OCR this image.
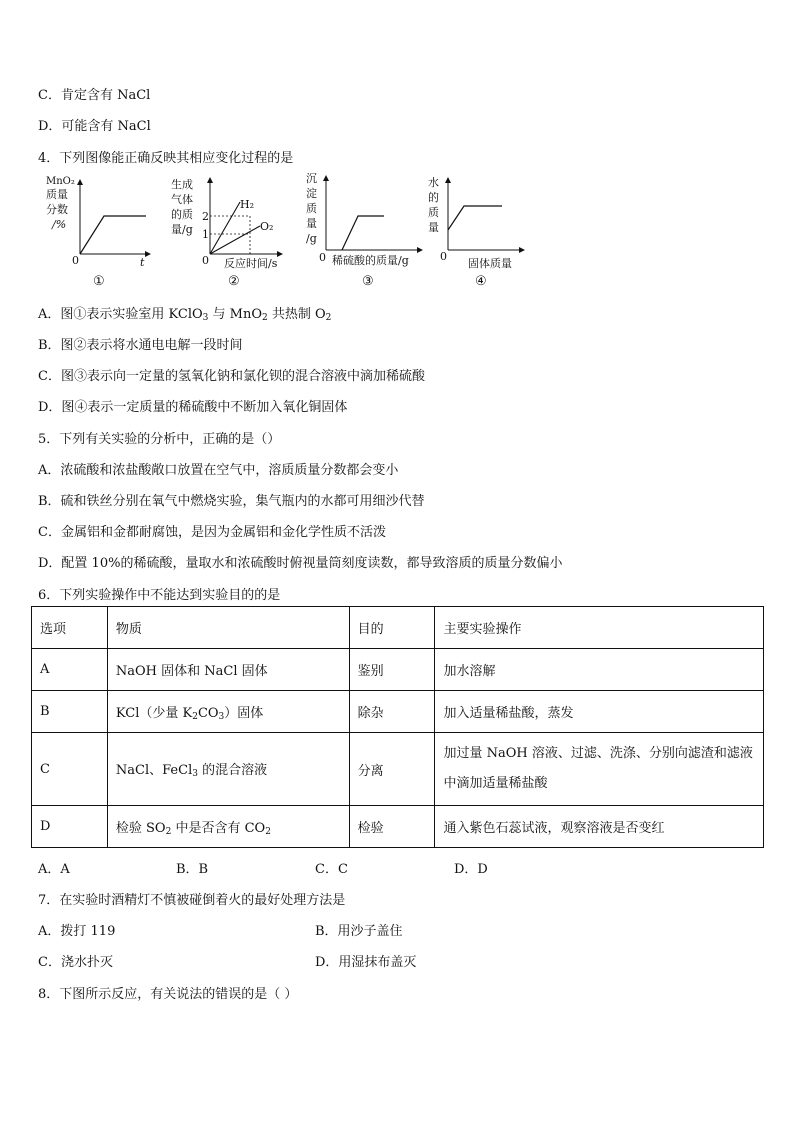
C．肯定含有 NaCl
D．可能含有 NaCl
4．下列图像能正确反映其相应变化过程的是
MnO₂
质量
分数
/%
0	t
①
生成
气体
的质
量/g
2
1
H₂
O₂
0 反应时间/s
②
沉
淀
质
量
/g
0 稀硫酸的质量/g
③
水
的
质
量
0
固体质量
④
A．图①表示实验室用 KClO$_3$ 与 MnO$_2$ 共热制 $O_2$
B．图②表示将水通电电解一段时间
C．图③表示向一定量的氢氧化钠和氯化钡的混合溶液中滴加稀硫酸
D．图④表示一定质量的稀硫酸中不断加入氧化铜固体
5．下列有关实验的分析中，正确的是（）
A．浓硫酸和浓盐酸敞口放置在空气中，溶质质量分数都会变小
B．硫和铁丝分别在氧气中燃烧实验，集气瓶内的水都可用细沙代替
C．金属铝和金都耐腐蚀，是因为金属铝和金化学性质不活泼
D．配置 10%的稀硫酸，量取水和浓硫酸时俯视量筒刻度读数，都导致溶质的质量分数偏小
6．下列实验操作中不能达到实验目的的是
选项	物质	目的	主要实验操作
A	NaOH 固体和 NaCl 固体	鉴别	加水溶解
B	KCl（少量 $K_2CO_3$）固体	除杂	加入适量稀盐酸，蒸发
C	NaCl、FeCl$_3$ 的混合溶液	分离	加过量 NaOH 溶液、过滤、洗涤、分别向滤渣和滤液中滴加适量稀盐酸
D	检验 $SO_2$ 中是否含有 $CO_2$	检验	通入紫色石蕊试液，观察溶液是否变红
A．A	B．B	C．C	D．D
7．在实验时酒精灯不慎被碰倒着火的最好处理方法是
A．拨打 119	B．用沙子盖住
C．浇水扑灭	D．用湿抹布盖灭
8．下图所示反应，有关说法的错误的是（ ）
